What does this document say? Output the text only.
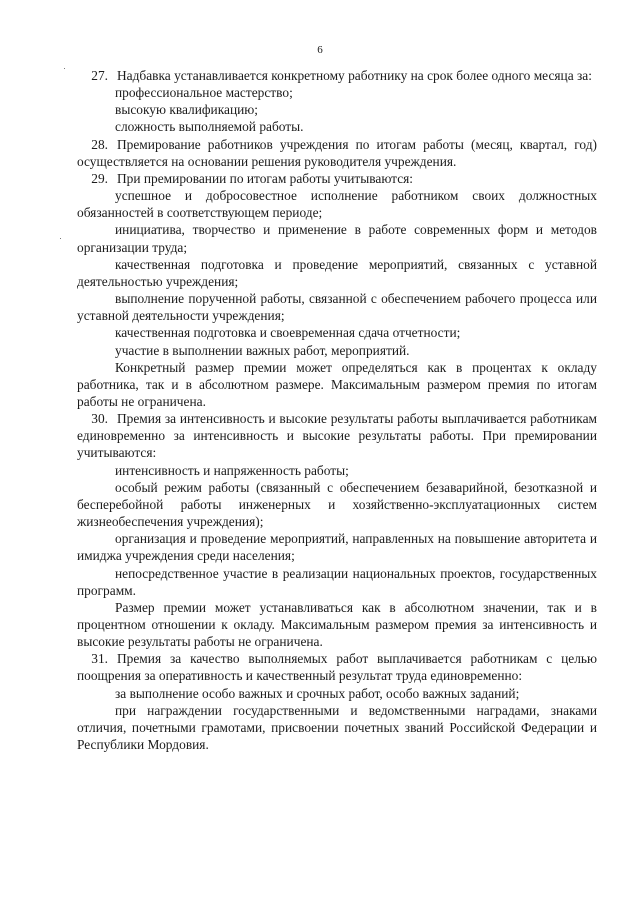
6

27. Надбавка устанавливается конкретному работнику на срок более одного месяца за:

профессиональное мастерство;

высокую квалификацию;

сложность выполняемой работы.

28. Премирование работников учреждения по итогам работы (месяц, квартал, год) осуществляется на основании решения руководителя учреждения.

29. При премировании по итогам работы учитываются:

успешное и добросовестное исполнение работником своих должностных обязанностей в соответствующем периоде;

инициатива, творчество и применение в работе современных форм и методов организации труда;

качественная подготовка и проведение мероприятий, связанных с уставной деятельностью учреждения;

выполнение порученной работы, связанной с обеспечением рабочего процесса или уставной деятельности учреждения;

качественная подготовка и своевременная сдача отчетности;

участие в выполнении важных работ, мероприятий.

Конкретный размер премии может определяться как в процентах к окладу работника, так и в абсолютном размере. Максимальным размером премия по итогам работы не ограничена.

30. Премия за интенсивность и высокие результаты работы выплачивается работникам единовременно за интенсивность и высокие результаты работы. При премировании учитываются:

интенсивность и напряженность работы;

особый режим работы (связанный с обеспечением безаварийной, безотказной и бесперебойной работы инженерных и хозяйственно-эксплуатационных систем жизнеобеспечения учреждения);

организация и проведение мероприятий, направленных на повышение авторитета и имиджа учреждения среди населения;

непосредственное участие в реализации национальных проектов, государственных программ.

Размер премии может устанавливаться как в абсолютном значении, так и в процентном отношении к окладу. Максимальным размером премия за интенсивность и высокие результаты работы не ограничена.

31. Премия за качество выполняемых работ выплачивается работникам с целью поощрения за оперативность и качественный результат труда единовременно:

за выполнение особо важных и срочных работ, особо важных заданий;

при награждении государственными и ведомственными наградами, знаками отличия, почетными грамотами, присвоении почетных званий Российской Федерации и Республики Мордовия.
